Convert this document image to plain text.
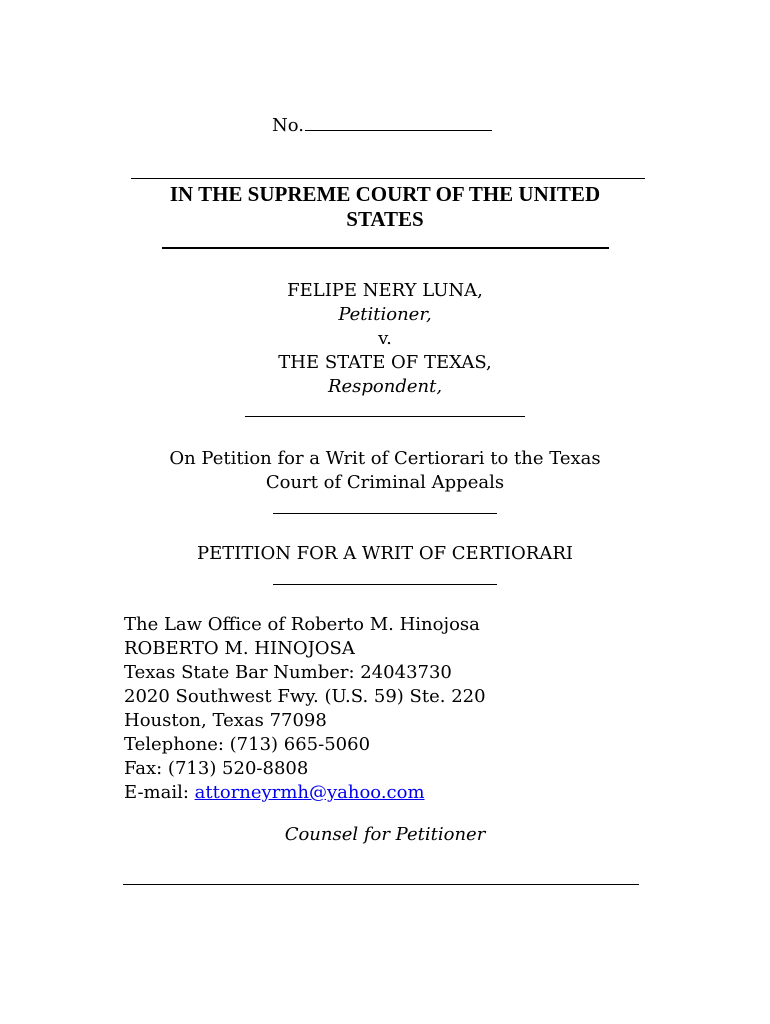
No.
IN THE SUPREME COURT OF THE UNITED
STATES
FELIPE NERY LUNA,
Petitioner,
v.
THE STATE OF TEXAS,
Respondent,
On Petition for a Writ of Certiorari to the Texas
Court of Criminal Appeals
PETITION FOR A WRIT OF CERTIORARI
The Law Office of Roberto M. Hinojosa
ROBERTO M. HINOJOSA
Texas State Bar Number: 24043730
2020 Southwest Fwy. (U.S. 59) Ste. 220
Houston, Texas 77098
Telephone: (713) 665-5060
Fax: (713) 520-8808
E-mail: attorneyrmh@yahoo.com
Counsel for Petitioner
